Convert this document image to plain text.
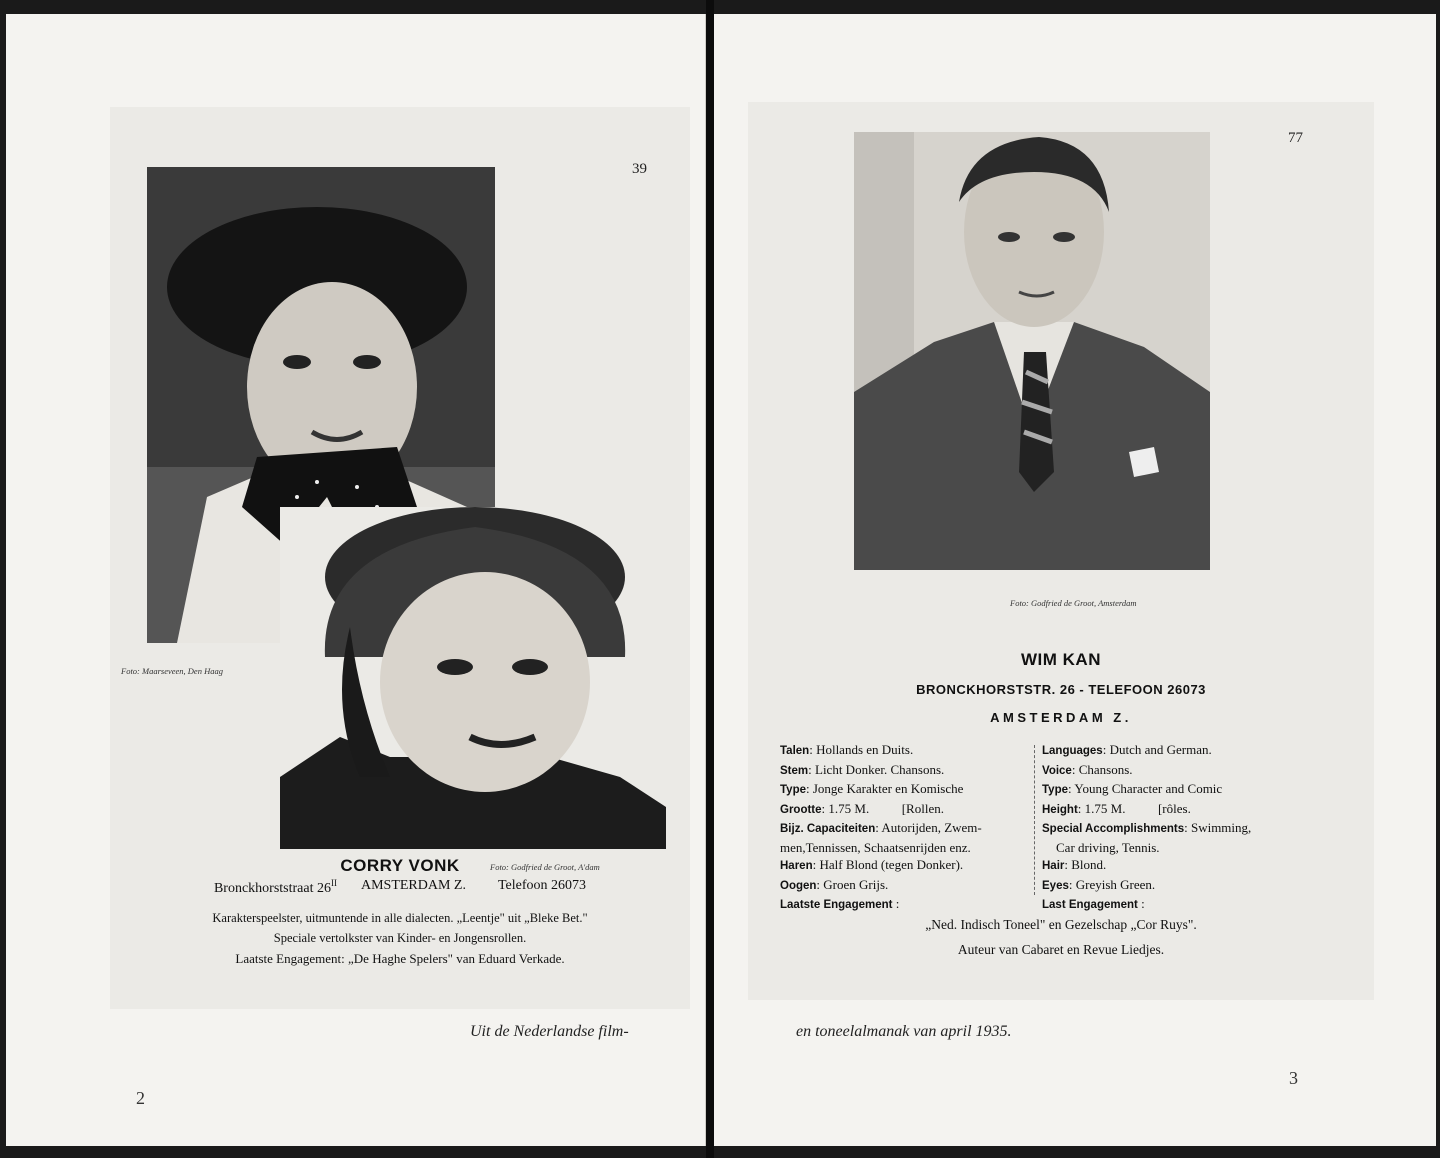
39
Foto: Maarseveen, Den Haag
Foto: Godfried de Groot, A'dam
CORRY VONK
Bronckhorststraat $26^{II}$ AMSTERDAM Z. Telefoon 26073
Karakterspeelster, uitmuntende in alle dialecten. „Leentje" uit „Bleke Bet."
Speciale vertolkster van Kinder- en Jongensrollen.
Laatste Engagement: „De Haghe Spelers" van Eduard Verkade.
Uit de Nederlandse film-
2
77
Foto: Godfried de Groot, Amsterdam
WIM KAN
BRONCKHORSTSTR. 26 - TELEFOON 26073
AMSTERDAM Z.
Talen: Hollands en Duits.
Stem: Licht Donker. Chansons.
Type: Jonge Karakter en Komische
Grootte: 1.75 M.          [Rollen.
Bijz. Capaciteiten: Autorijden, Zwem-
men,Tennissen, Schaatsenrijden enz.
Haren: Half Blond (tegen Donker).
Oogen: Groen Grijs.
Laatste Engagement :
Languages: Dutch and German.
Voice: Chansons.
Type: Young Character and Comic
Height: 1.75 M.          [rôles.
Special Accomplishments: Swimming,
Car driving, Tennis.
Hair: Blond.
Eyes: Greyish Green.
Last Engagement :
„Ned. Indisch Toneel" en Gezelschap „Cor Ruys".
Auteur van Cabaret en Revue Liedjes.
en toneelalmanak van april 1935.
3
